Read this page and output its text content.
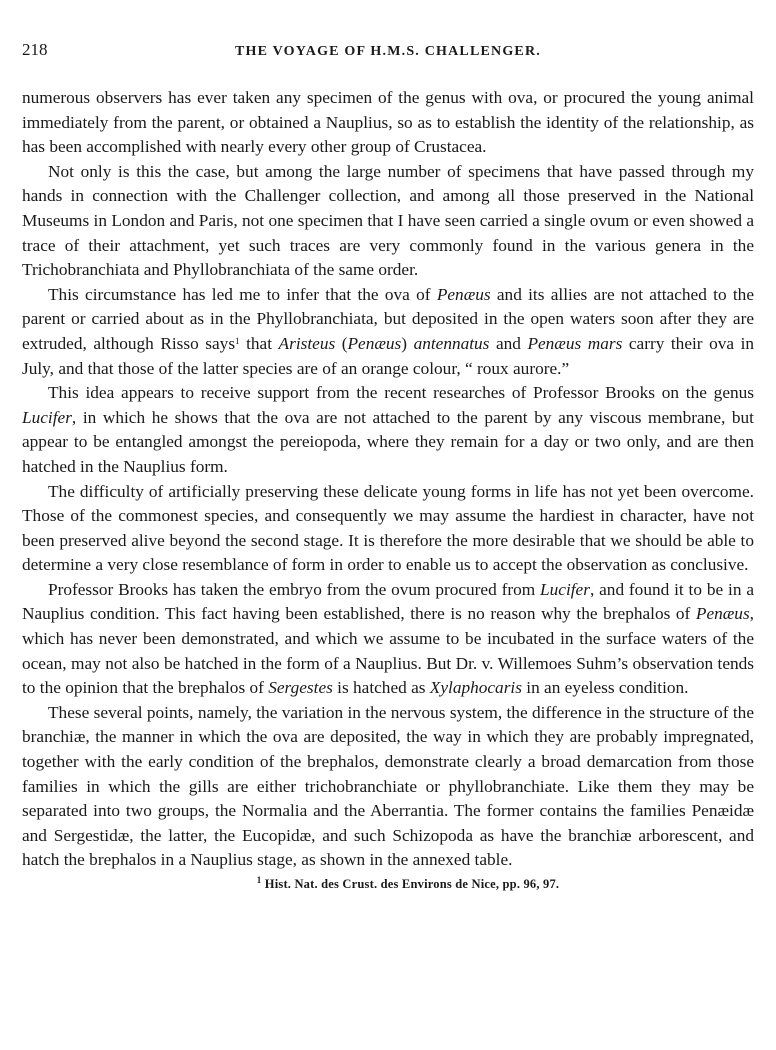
218	THE VOYAGE OF H.M.S. CHALLENGER.

numerous observers has ever taken any specimen of the genus with ova, or procured the young animal immediately from the parent, or obtained a Nauplius, so as to establish the identity of the relationship, as has been accomplished with nearly every other group of Crustacea.

Not only is this the case, but among the large number of specimens that have passed through my hands in connection with the Challenger collection, and among all those preserved in the National Museums in London and Paris, not one specimen that I have seen carried a single ovum or even showed a trace of their attachment, yet such traces are very commonly found in the various genera in the Trichobranchiata and Phyllobranchiata of the same order.

This circumstance has led me to infer that the ova of Penæus and its allies are not attached to the parent or carried about as in the Phyllobranchiata, but deposited in the open waters soon after they are extruded, although Risso says$^1$ that Aristeus (Penæus) antennatus and Penæus mars carry their ova in July, and that those of the latter species are of an orange colour, “ roux aurore.”

This idea appears to receive support from the recent researches of Professor Brooks on the genus Lucifer, in which he shows that the ova are not attached to the parent by any viscous membrane, but appear to be entangled amongst the pereiopoda, where they remain for a day or two only, and are then hatched in the Nauplius form.

The difficulty of artificially preserving these delicate young forms in life has not yet been overcome. Those of the commonest species, and consequently we may assume the hardiest in character, have not been preserved alive beyond the second stage. It is therefore the more desirable that we should be able to determine a very close resemblance of form in order to enable us to accept the observation as conclusive.

Professor Brooks has taken the embryo from the ovum procured from Lucifer, and found it to be in a Nauplius condition. This fact having been established, there is no reason why the brephalos of Penæus, which has never been demonstrated, and which we assume to be incubated in the surface waters of the ocean, may not also be hatched in the form of a Nauplius. But Dr. v. Willemoes Suhm’s observation tends to the opinion that the brephalos of Sergestes is hatched as Xylaphocaris in an eyeless condition.

These several points, namely, the variation in the nervous system, the difference in the structure of the branchiæ, the manner in which the ova are deposited, the way in which they are probably impregnated, together with the early condition of the brephalos, demonstrate clearly a broad demarcation from those families in which the gills are either trichobranchiate or phyllobranchiate. Like them they may be separated into two groups, the Normalia and the Aberrantia. The former contains the families Penæidæ and Sergestidæ, the latter, the Eucopidæ, and such Schizopoda as have the branchiæ arborescent, and hatch the brephalos in a Nauplius stage, as shown in the annexed table.

$^1$ Hist. Nat. des Crust. des Environs de Nice, pp. 96, 97.
